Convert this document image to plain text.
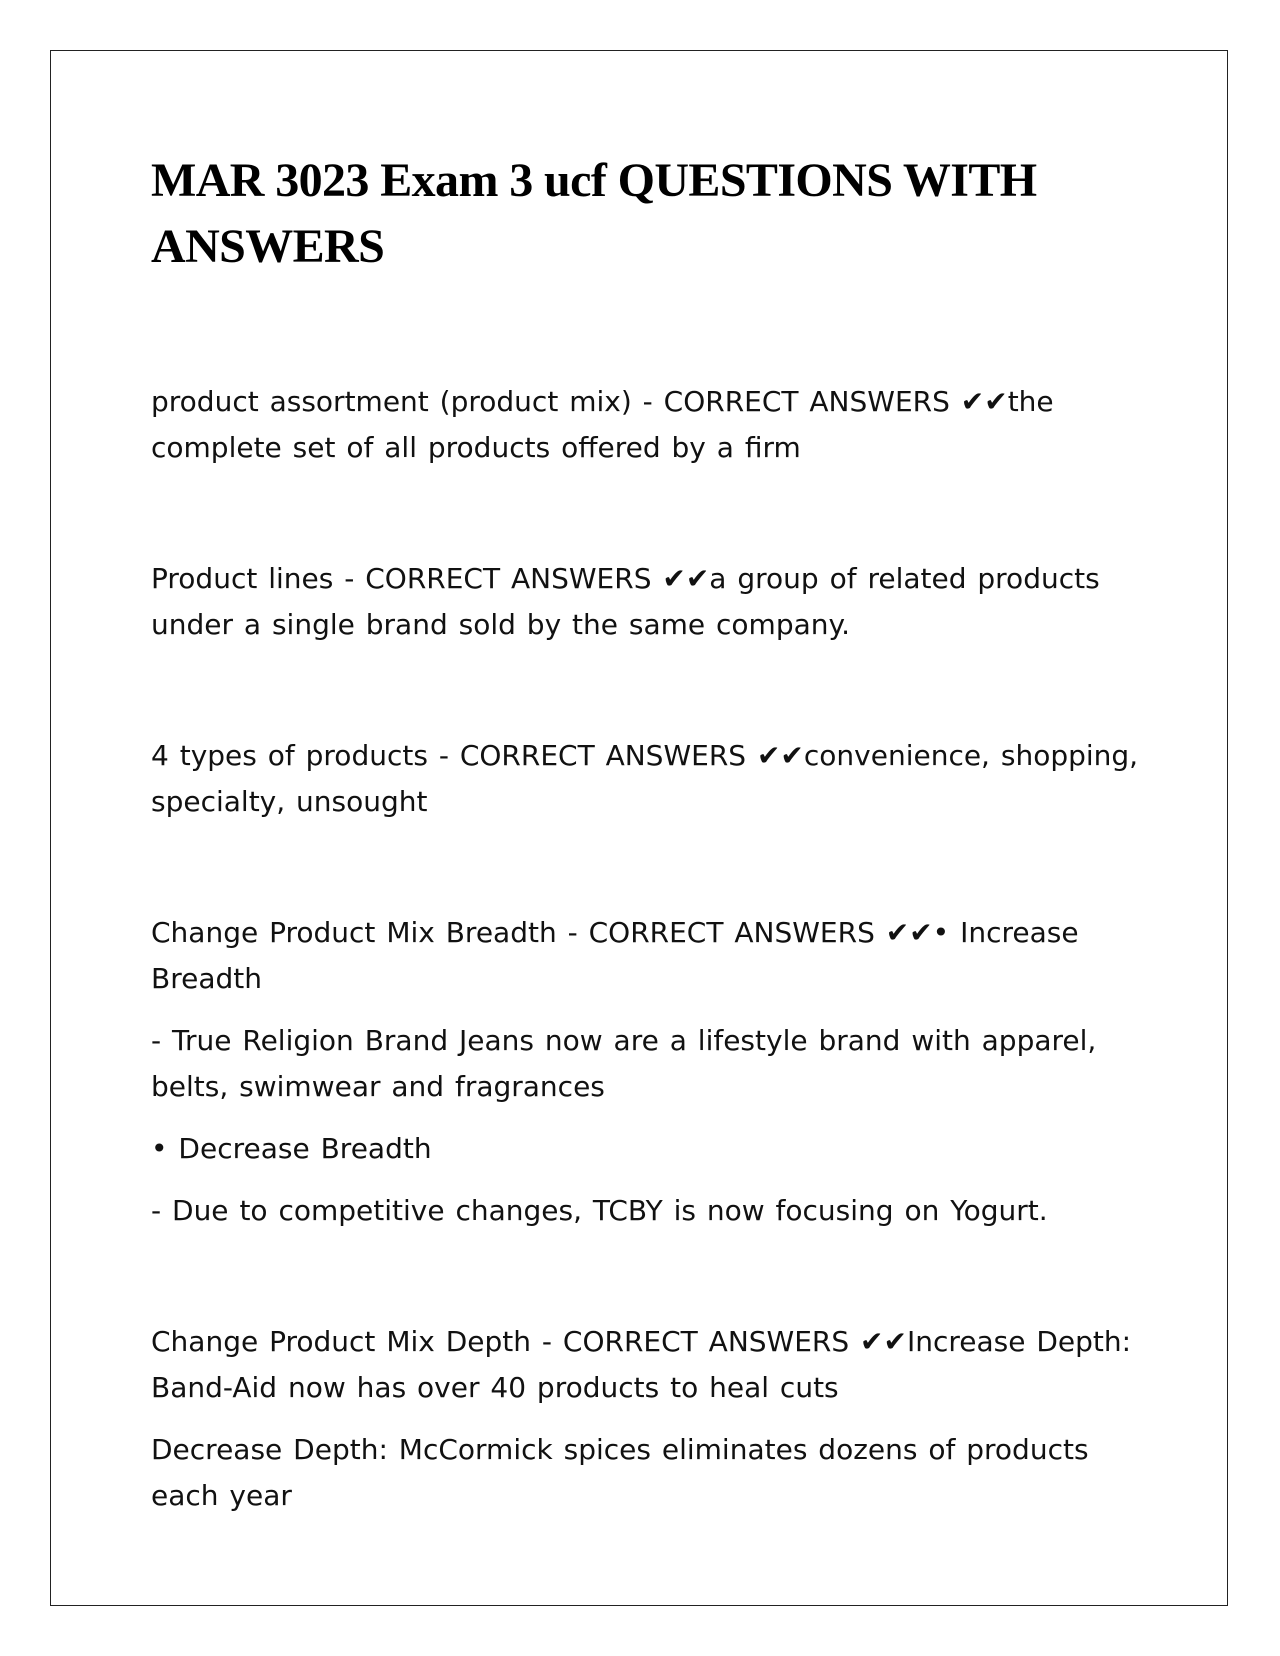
MAR 3023 Exam 3 ucf QUESTIONS WITH ANSWERS

product assortment (product mix) - CORRECT ANSWERS ✔✔the complete set of all products offered by a firm

Product lines - CORRECT ANSWERS ✔✔a group of related products under a single brand sold by the same company.

4 types of products - CORRECT ANSWERS ✔✔convenience, shopping, specialty, unsought

Change Product Mix Breadth - CORRECT ANSWERS ✔✔• Increase Breadth

- True Religion Brand Jeans now are a lifestyle brand with apparel, belts, swimwear and fragrances

• Decrease Breadth

- Due to competitive changes, TCBY is now focusing on Yogurt.

Change Product Mix Depth - CORRECT ANSWERS ✔✔Increase Depth: Band-Aid now has over 40 products to heal cuts

Decrease Depth: McCormick spices eliminates dozens of products each year
